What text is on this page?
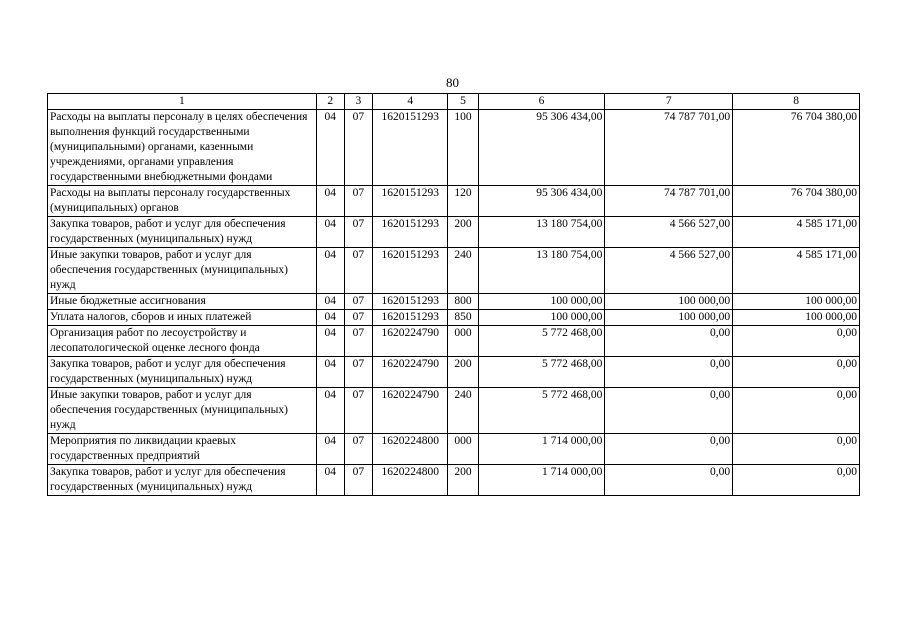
80
1	2	3	4	5	6	7	8
Расходы на выплаты персоналу в целях обеспечения выполнения функций государственными (муниципальными) органами, казенными учреждениями, органами управления государственными внебюджетными фондами	04	07	1620151293	100	95 306 434,00	74 787 701,00	76 704 380,00
Расходы на выплаты персоналу государственных (муниципальных) органов	04	07	1620151293	120	95 306 434,00	74 787 701,00	76 704 380,00
Закупка товаров, работ и услуг для обеспечения государственных (муниципальных) нужд	04	07	1620151293	200	13 180 754,00	4 566 527,00	4 585 171,00
Иные закупки товаров, работ и услуг для обеспечения государственных (муниципальных) нужд	04	07	1620151293	240	13 180 754,00	4 566 527,00	4 585 171,00
Иные бюджетные ассигнования	04	07	1620151293	800	100 000,00	100 000,00	100 000,00
Уплата налогов, сборов и иных платежей	04	07	1620151293	850	100 000,00	100 000,00	100 000,00
Организация работ по лесоустройству и лесопатологической оценке лесного фонда	04	07	1620224790	000	5 772 468,00	0,00	0,00
Закупка товаров, работ и услуг для обеспечения государственных (муниципальных) нужд	04	07	1620224790	200	5 772 468,00	0,00	0,00
Иные закупки товаров, работ и услуг для обеспечения государственных (муниципальных) нужд	04	07	1620224790	240	5 772 468,00	0,00	0,00
Мероприятия по ликвидации краевых государственных предприятий	04	07	1620224800	000	1 714 000,00	0,00	0,00
Закупка товаров, работ и услуг для обеспечения государственных (муниципальных) нужд	04	07	1620224800	200	1 714 000,00	0,00	0,00
